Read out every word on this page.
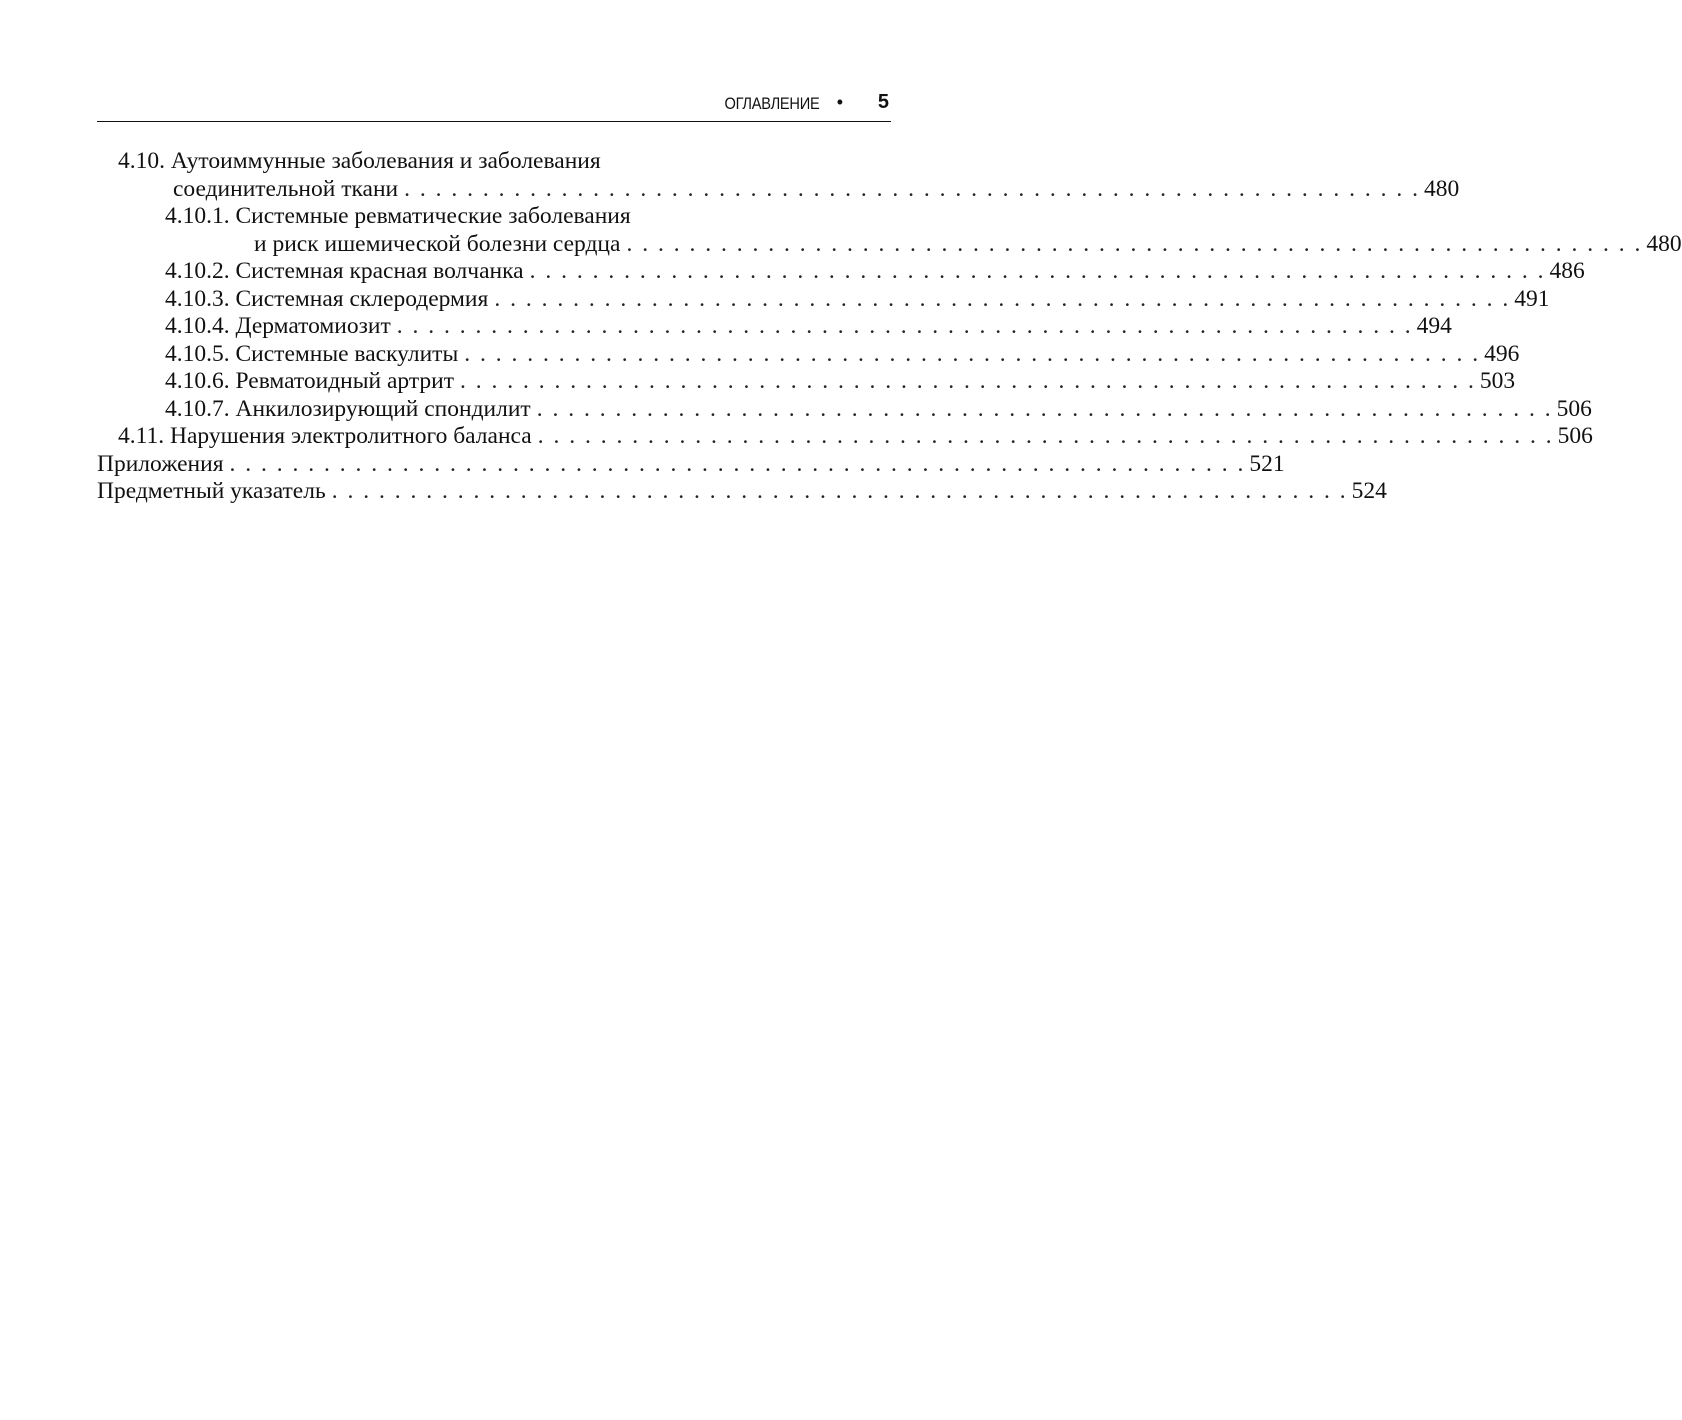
ОГЛАВЛЕНИЕ • 5
4.10. Аутоиммунные заболевания и заболевания
соединительной ткани . . . . . . . . . . . . . . . . . . . . . . . . . . . . . . . . . . . . . . . . . . . . . . . . . . . . . . . . . . . . . . . . . 480
4.10.1. Системные ревматические заболевания
и риск ишемической болезни сердца . . . . . . . . . . . . . . . . . . . . . . . . . . . . . . . . . . . . . . . . . . . . . . . . . . . . . . . . . . . . . . . . . 480
4.10.2. Системная красная волчанка . . . . . . . . . . . . . . . . . . . . . . . . . . . . . . . . . . . . . . . . . . . . . . . . . . . . . . . . . . . . . . . . . 486
4.10.3. Системная склеродермия . . . . . . . . . . . . . . . . . . . . . . . . . . . . . . . . . . . . . . . . . . . . . . . . . . . . . . . . . . . . . . . . . 491
4.10.4. Дерматомиозит . . . . . . . . . . . . . . . . . . . . . . . . . . . . . . . . . . . . . . . . . . . . . . . . . . . . . . . . . . . . . . . . . 494
4.10.5. Системные васкулиты . . . . . . . . . . . . . . . . . . . . . . . . . . . . . . . . . . . . . . . . . . . . . . . . . . . . . . . . . . . . . . . . . 496
4.10.6. Ревматоидный артрит . . . . . . . . . . . . . . . . . . . . . . . . . . . . . . . . . . . . . . . . . . . . . . . . . . . . . . . . . . . . . . . . . 503
4.10.7. Анкилозирующий спондилит . . . . . . . . . . . . . . . . . . . . . . . . . . . . . . . . . . . . . . . . . . . . . . . . . . . . . . . . . . . . . . . . . 506
4.11. Нарушения электролитного баланса . . . . . . . . . . . . . . . . . . . . . . . . . . . . . . . . . . . . . . . . . . . . . . . . . . . . . . . . . . . . . . . . . 506
Приложения . . . . . . . . . . . . . . . . . . . . . . . . . . . . . . . . . . . . . . . . . . . . . . . . . . . . . . . . . . . . . . . . . 521
Предметный указатель . . . . . . . . . . . . . . . . . . . . . . . . . . . . . . . . . . . . . . . . . . . . . . . . . . . . . . . . . . . . . . . . . 524
